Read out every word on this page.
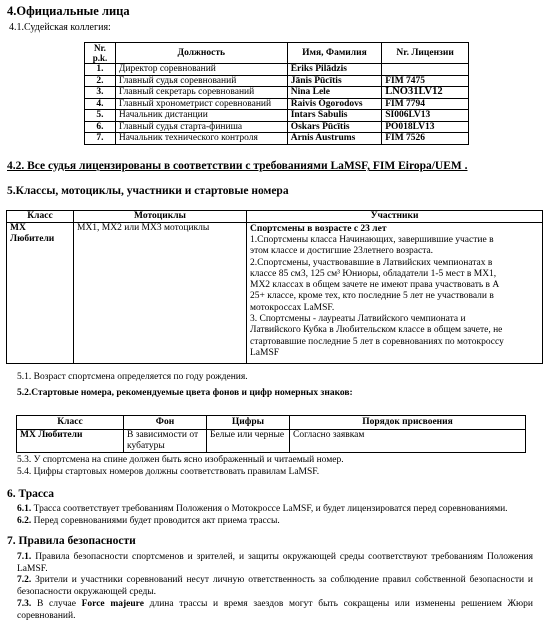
4.Официальные лица
4.1.Судейская коллегия:
Nr. p.k.	Должность	Имя, Фамилия	Nr. Лицензии
1.	Директор соревнований	Ēriks Pilādzis	
2.	Главный судья соревнований	Jānis Pūcītis	FIM 7475
3.	Главный секретарь соревнований	Nina Lele	LNO31LV12
4.	Главный хронометрист соревнований	Raivis Ogorodovs	FIM 7794
5.	Начальник дистанции	Intars Sabulis	SI006LV13
6.	Главный судья старта-финиша	Oskars Pūcītis	PO018LV13
7.	Начальник технического контроля	Arnis Austrums	FIM 7526
4.2. Все судья лицензированы в соответствии с требованиями LaMSF, FIM Eiropa/UEM .
5.Классы, мотоциклы, участники и стартовые номера
Класс	Мотоциклы	Участники
MX Любители	MX1, MX2 или MX3 мотоциклы	Спортсмены в возрасте с 23 лет
1.Спортсмены класса Начинающих, завершившие участие в этом классе и достигшие 23летнего возраста.
2.Спортсмены, участвовавшие в Латвийских чемпионатах в классе 85 см3, 125 см³ Юниоры, обладатели 1-5 мест в MX1, MX2 классах в общем зачете не имеют права участвовать в А 25+ классе, кроме тех, кто последние 5 лет не участвовали в мотокроссах LaMSF.
3. Спортсмены - лауреаты Латвийского чемпионата и Латвийского Кубка в Любительском классе в общем зачете, не стартовавшие последние 5 лет в соревнованиях по мотокроссу LaMSF
5.1. Возраст спортсмена определяется по году рождения.
5.2.Стартовые номера, рекомендуемые цвета фонов и цифр номерных знаков:
Класс	Фон	Цифры	Порядок присвоения
MX Любители	В зависимости от кубатуры	Белые или черные	Согласно заявкам
5.3. У спортсмена на спине должен быть ясно изображенный и читаемый номер.
5.4. Цифры стартовых номеров должны соответствовать правилам LaMSF.
6. Трасса
6.1. Трасса соответствует требованиям Положения о Мотокроссе LaMSF, и будет лицензироватся перед соревнованиями.
6.2. Перед соревнованиями будет проводится акт приема трассы.
7. Правила безопасности
7.1. Правила безопасности спортсменов и зрителей, и защиты окружающей среды соответствуют требованиям Положения LaMSF.
7.2. Зрители и участники соревнований несут личную ответственность за соблюдение правил собственной безопасности и безопасности окружающей среды.
7.3. В случае Force majeure длина трассы и время заездов могут быть сокращены или изменены решением Жюри соревнований.
